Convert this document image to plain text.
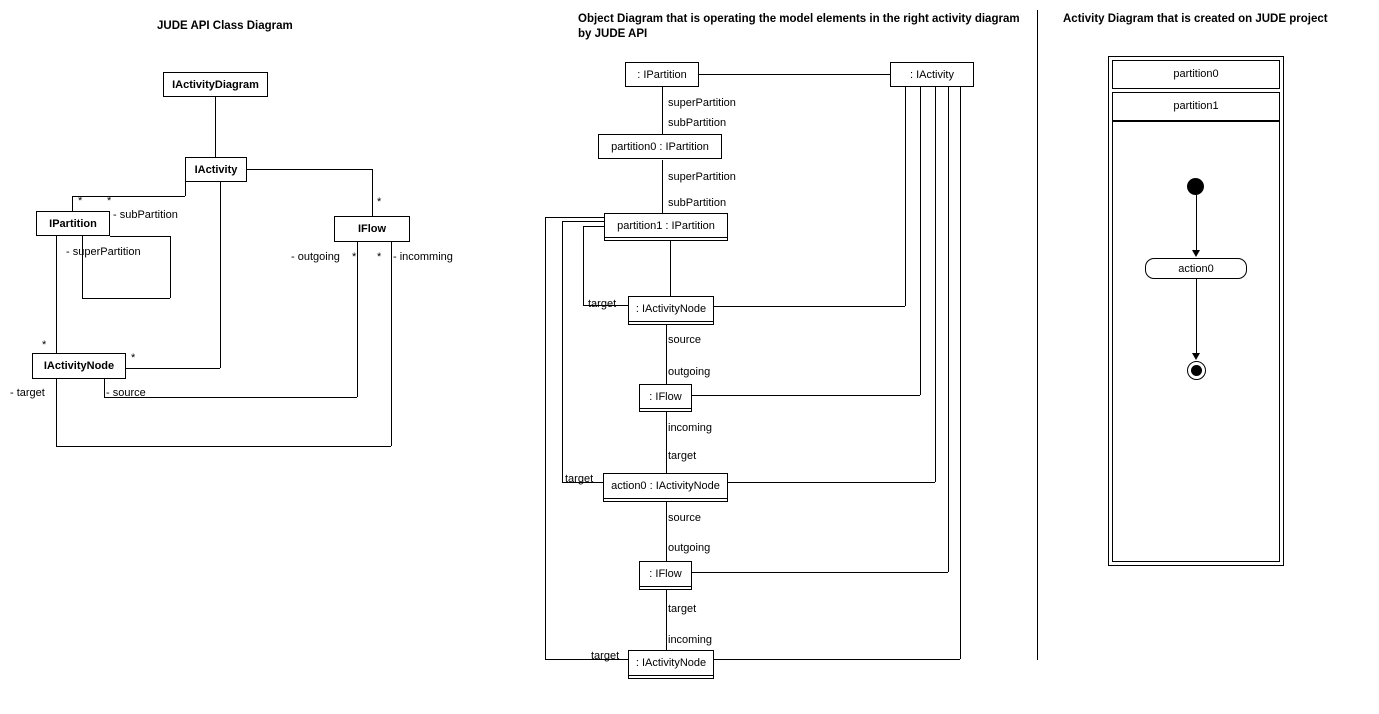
JUDE API Class Diagram
IActivityDiagram
IActivity
IPartition	IFlow
IActivityNode
- subPartition
- superPartition	- outgoing	- incomming
- target	- source
* *	*
* *
*
*
Object Diagram that is operating the model elements in the right activity diagram by JUDE API
: IPartition	: IActivity
partition0 : IPartition
partition1 : IPartition
: IActivityNode
: IFlow
action0 : IActivityNode
: IFlow
: IActivityNode
superPartition
subPartition
superPartition
subPartition
target
source
outgoing
incoming
target
target
source
outgoing
target
incoming
target
Activity Diagram that is created on JUDE project
partition0
partition1
action0
